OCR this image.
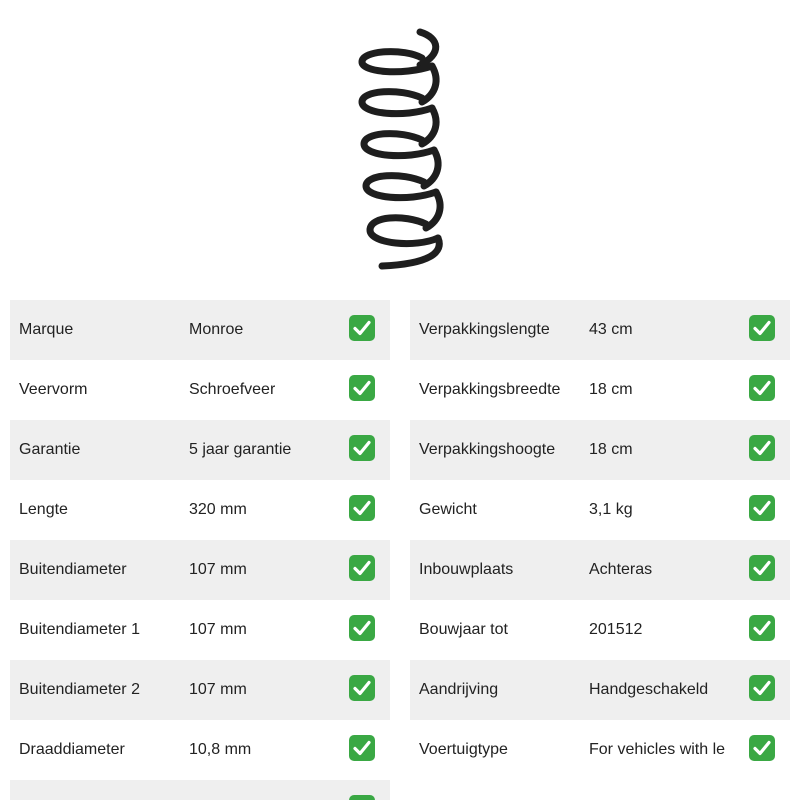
Marque	Monroe
Veervorm	Schroefveer
Garantie	5 jaar garantie
Lengte	320 mm
Buitendiameter	107 mm
Buitendiameter 1	107 mm
Buitendiameter 2	107 mm
Draaddiameter	10,8 mm
Verpakkingslengte 43 cm
Verpakkingsbreedte 18 cm
Verpakkingshoogte 18 cm
Gewicht	3,1 kg
Inbouwplaats	Achteras
Bouwjaar tot	201512
Aandrijving	Handgeschakeld
Voertuigtype	For vehicles with le
